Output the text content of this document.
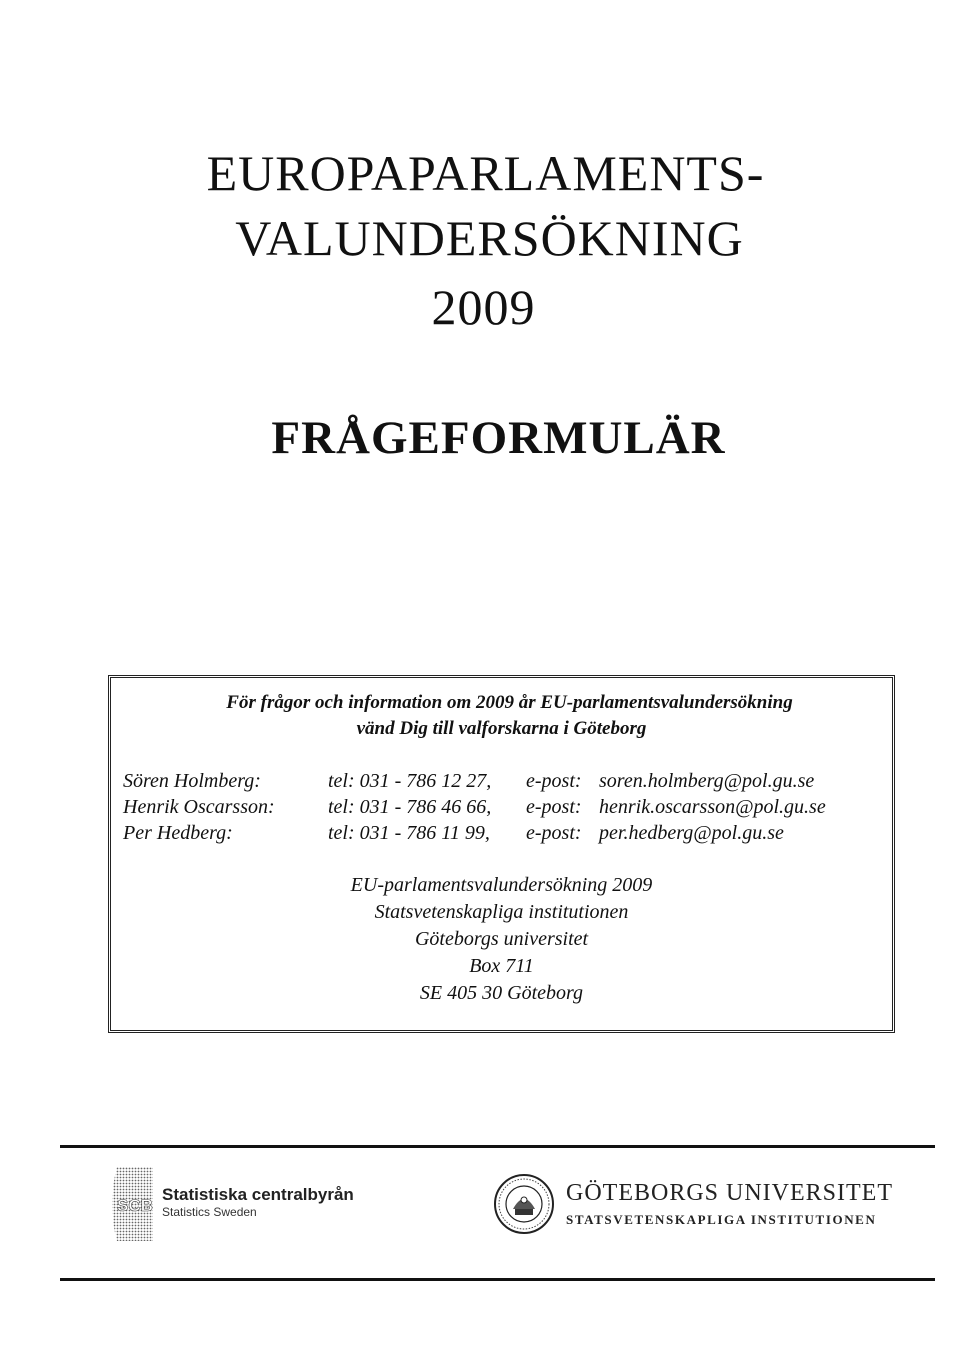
EUROPAPARLAMENTS-
VALUNDERSÖKNING
2009
FRÅGEFORMULÄR
För frågor och information om 2009 år EU-parlamentsvalundersökning
vänd Dig till valforskarna i Göteborg
Sören Holmberg:	tel: 031 - 786 12 27, e-post: soren.holmberg@pol.gu.se
Henrik Oscarsson:	tel: 031 - 786 46 66, e-post: henrik.oscarsson@pol.gu.se
Per Hedberg:	tel: 031 - 786 11 99, e-post: per.hedberg@pol.gu.se
EU-parlamentsvalundersökning 2009
Statsvetenskapliga institutionen
Göteborgs universitet
Box 711
SE 405 30 Göteborg
SCB
Statistiska centralbyrån
Statistics Sweden
GÖTEBORGS UNIVERSITET
STATSVETENSKAPLIGA INSTITUTIONEN
